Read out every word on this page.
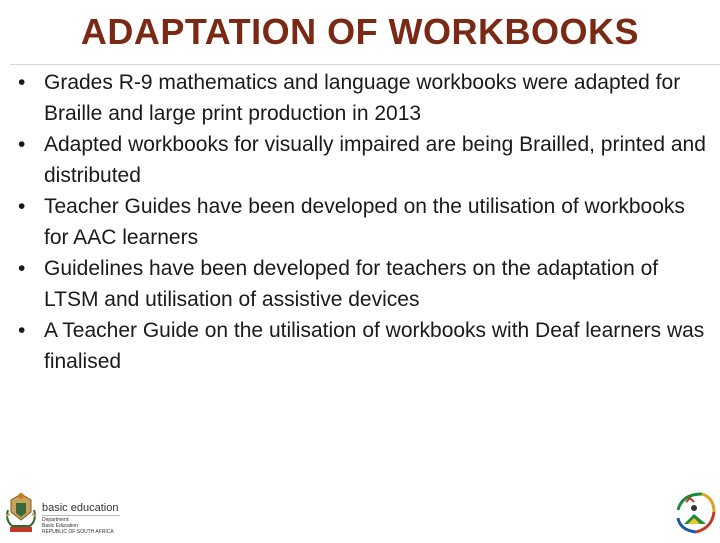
ADAPTATION OF WORKBOOKS
• Grades R-9 mathematics and language workbooks were adapted for Braille and large print production in 2013
• Adapted workbooks for visually impaired are being Brailled, printed and distributed
• Teacher Guides have been developed on the utilisation of workbooks for AAC learners
• Guidelines have been developed for teachers on the adaptation of LTSM and utilisation of assistive devices
• A Teacher Guide on the utilisation of workbooks with Deaf learners was finalised
basic education
Department:
Basic Education
REPUBLIC OF SOUTH AFRICA
